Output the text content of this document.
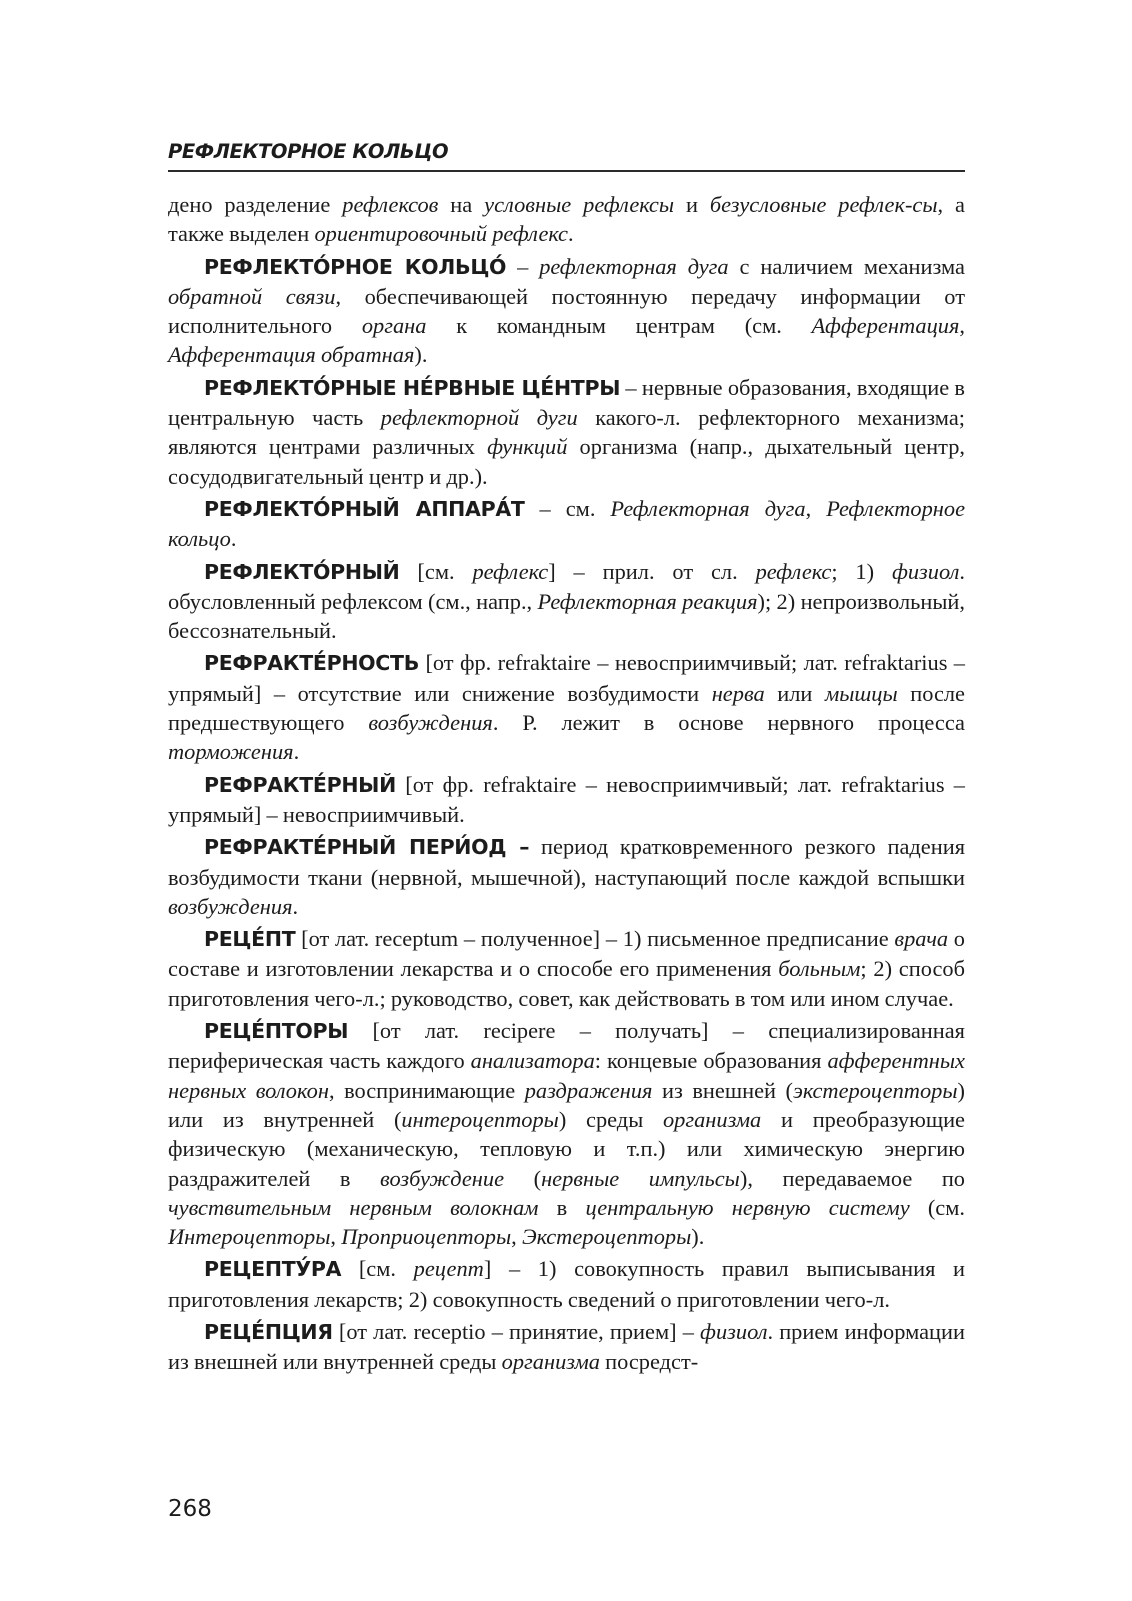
РЕФЛЕКТОРНОЕ КОЛЬЦО

дено разделение рефлексов на условные рефлексы и безусловные рефлек-сы, а также выделен ориентировочный рефлекс.

РЕФЛЕКТО́РНОЕ КОЛЬЦО́ – рефлекторная дуга с наличием механизма обратной связи, обеспечивающей постоянную передачу информации от исполнительного органа к командным центрам (см. Афферентация, Афферентация обратная).

РЕФЛЕКТО́РНЫЕ НЕ́РВНЫЕ ЦЕ́НТРЫ – нервные образования, входящие в центральную часть рефлекторной дуги какого-л. рефлекторного механизма; являются центрами различных функций организма (напр., дыхательный центр, сосудодвигательный центр и др.).

РЕФЛЕКТО́РНЫЙ АППАРА́Т – см. Рефлекторная дуга, Рефлекторное кольцо.

РЕФЛЕКТО́РНЫЙ [см. рефлекс] – прил. от сл. рефлекс; 1) физиол. обусловленный рефлексом (см., напр., Рефлекторная реакция); 2) непроизвольный, бессознательный.

РЕФРАКТЕ́РНОСТЬ [от фр. refraktaire – невосприимчивый; лат. refraktarius – упрямый] – отсутствие или снижение возбудимости нерва или мышцы после предшествующего возбуждения. Р. лежит в основе нервного процесса торможения.

РЕФРАКТЕ́РНЫЙ [от фр. refraktaire – невосприимчивый; лат. refraktarius – упрямый] – невосприимчивый.

РЕФРАКТЕ́РНЫЙ ПЕРИ́ОД – период кратковременного резкого падения возбудимости ткани (нервной, мышечной), наступающий после каждой вспышки возбуждения.

РЕЦЕ́ПТ [от лат. receptum – полученное] – 1) письменное предписание врача о составе и изготовлении лекарства и о способе его применения больным; 2) способ приготовления чего-л.; руководство, совет, как действовать в том или ином случае.

РЕЦЕ́ПТОРЫ [от лат. recipere – получать] – специализированная периферическая часть каждого анализатора: концевые образования афферентных нервных волокон, воспринимающие раздражения из внешней (экстероцепторы) или из внутренней (интероцепторы) среды организма и преобразующие физическую (механическую, тепловую и т.п.) или химическую энергию раздражителей в возбуждение (нервные импульсы), передаваемое по чувствительным нервным волокнам в центральную нервную систему (см. Интероцепторы, Проприоцепторы, Экстероцепторы).

РЕЦЕПТУ́РА [см. рецепт] – 1) совокупность правил выписывания и приготовления лекарств; 2) совокупность сведений о приготовлении чего-л.

РЕЦЕ́ПЦИЯ [от лат. receptio – принятие, прием] – физиол. прием информации из внешней или внутренней среды организма посредст-

268
